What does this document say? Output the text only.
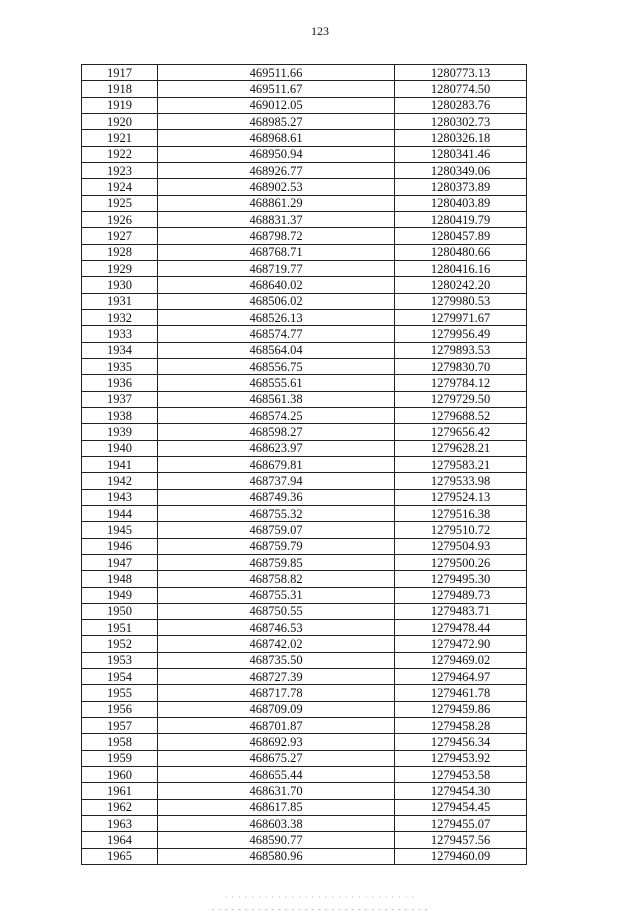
123
1917	469511.66	1280773.13
1918	469511.67	1280774.50
1919	469012.05	1280283.76
1920	468985.27	1280302.73
1921	468968.61	1280326.18
1922	468950.94	1280341.46
1923	468926.77	1280349.06
1924	468902.53	1280373.89
1925	468861.29	1280403.89
1926	468831.37	1280419.79
1927	468798.72	1280457.89
1928	468768.71	1280480.66
1929	468719.77	1280416.16
1930	468640.02	1280242.20
1931	468506.02	1279980.53
1932	468526.13	1279971.67
1933	468574.77	1279956.49
1934	468564.04	1279893.53
1935	468556.75	1279830.70
1936	468555.61	1279784.12
1937	468561.38	1279729.50
1938	468574.25	1279688.52
1939	468598.27	1279656.42
1940	468623.97	1279628.21
1941	468679.81	1279583.21
1942	468737.94	1279533.98
1943	468749.36	1279524.13
1944	468755.32	1279516.38
1945	468759.07	1279510.72
1946	468759.79	1279504.93
1947	468759.85	1279500.26
1948	468758.82	1279495.30
1949	468755.31	1279489.73
1950	468750.55	1279483.71
1951	468746.53	1279478.44
1952	468742.02	1279472.90
1953	468735.50	1279469.02
1954	468727.39	1279464.97
1955	468717.78	1279461.78
1956	468709.09	1279459.86
1957	468701.87	1279458.28
1958	468692.93	1279456.34
1959	468675.27	1279453.92
1960	468655.44	1279453.58
1961	468631.70	1279454.30
1962	468617.85	1279454.45
1963	468603.38	1279455.07
1964	468590.77	1279457.56
1965	468580.96	1279460.09
· · · · · · · · · · · · · · · · · · · · · · · · · · · · ·
- - - - - - - - - - - - - - - - - - - - - - - - - - - - - - - - -
